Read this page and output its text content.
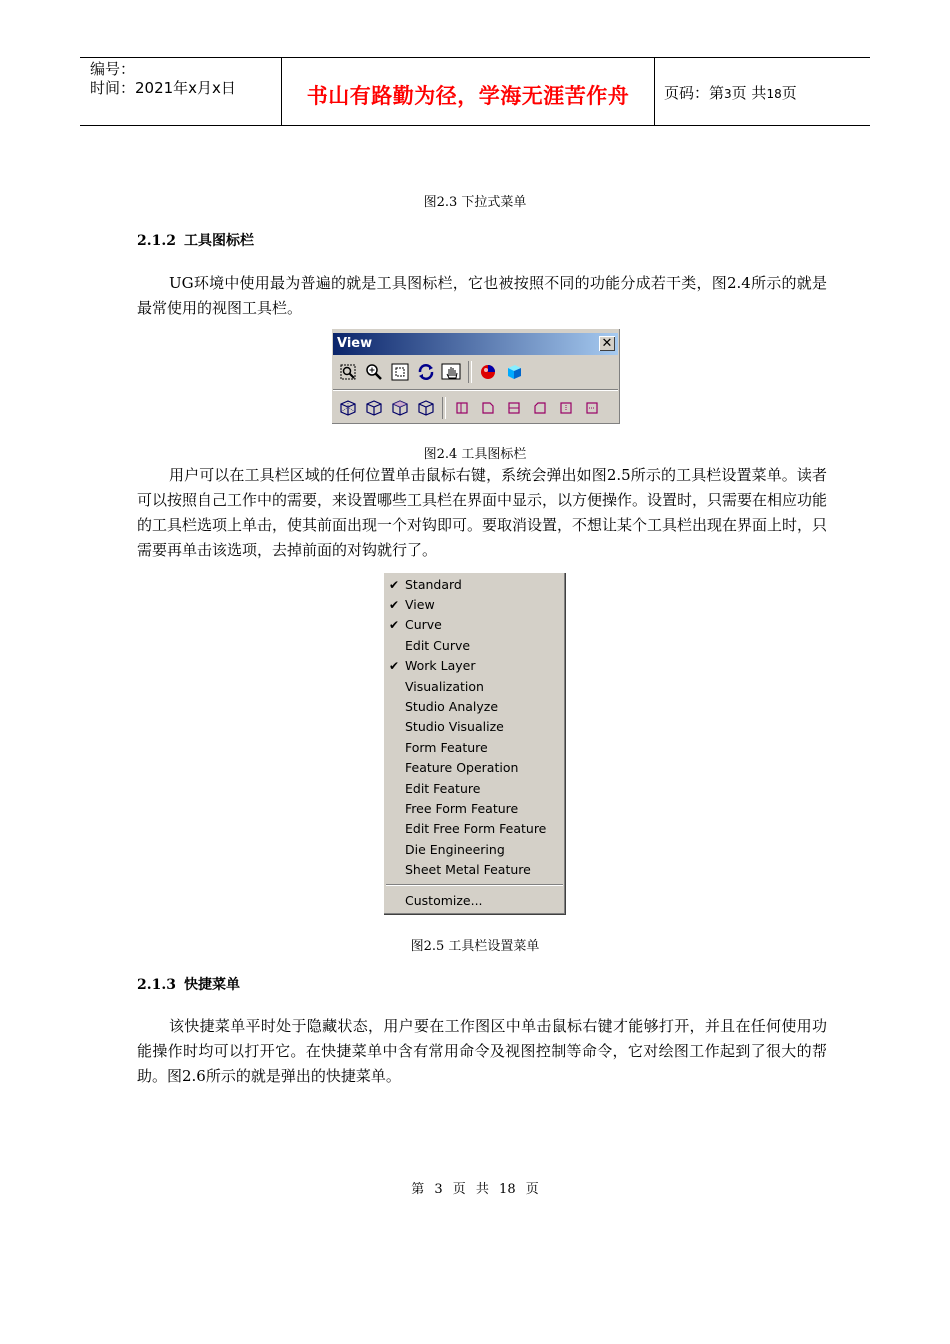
编号：
时间：2021年x月x日	书山有路勤为径，学海无涯苦作舟	页码：第3页 共18页
图2.3 下拉式菜单
2.1.2 工具图标栏
UG环境中使用最为普遍的就是工具图标栏，它也被按照不同的功能分成若干类，图2.4所示的就是最常使用的视图工具栏。
View	✕
图2.4 工具图标栏
用户可以在工具栏区域的任何位置单击鼠标右键，系统会弹出如图2.5所示的工具栏设置菜单。读者可以按照自己工作中的需要，来设置哪些工具栏在界面中显示，以方便操作。设置时，只需要在相应功能的工具栏选项上单击，使其前面出现一个对钩即可。要取消设置，不想让某个工具栏出现在界面上时，只需要再单击该选项，去掉前面的对钩就行了。
✔ Standard
✔ View
✔ Curve
Edit Curve
✔ Work Layer
Visualization
Studio Analyze
Studio Visualize
Form Feature
Feature Operation
Edit Feature
Free Form Feature
Edit Free Form Feature
Die Engineering
Sheet Metal Feature
Customize...
图2.5 工具栏设置菜单
2.1.3 快捷菜单
该快捷菜单平时处于隐藏状态，用户要在工作图区中单击鼠标右键才能够打开，并且在任何使用功能操作时均可以打开它。在快捷菜单中含有常用命令及视图控制等命令，它对绘图工作起到了很大的帮助。图2.6所示的就是弹出的快捷菜单。
第 3 页 共 18 页
